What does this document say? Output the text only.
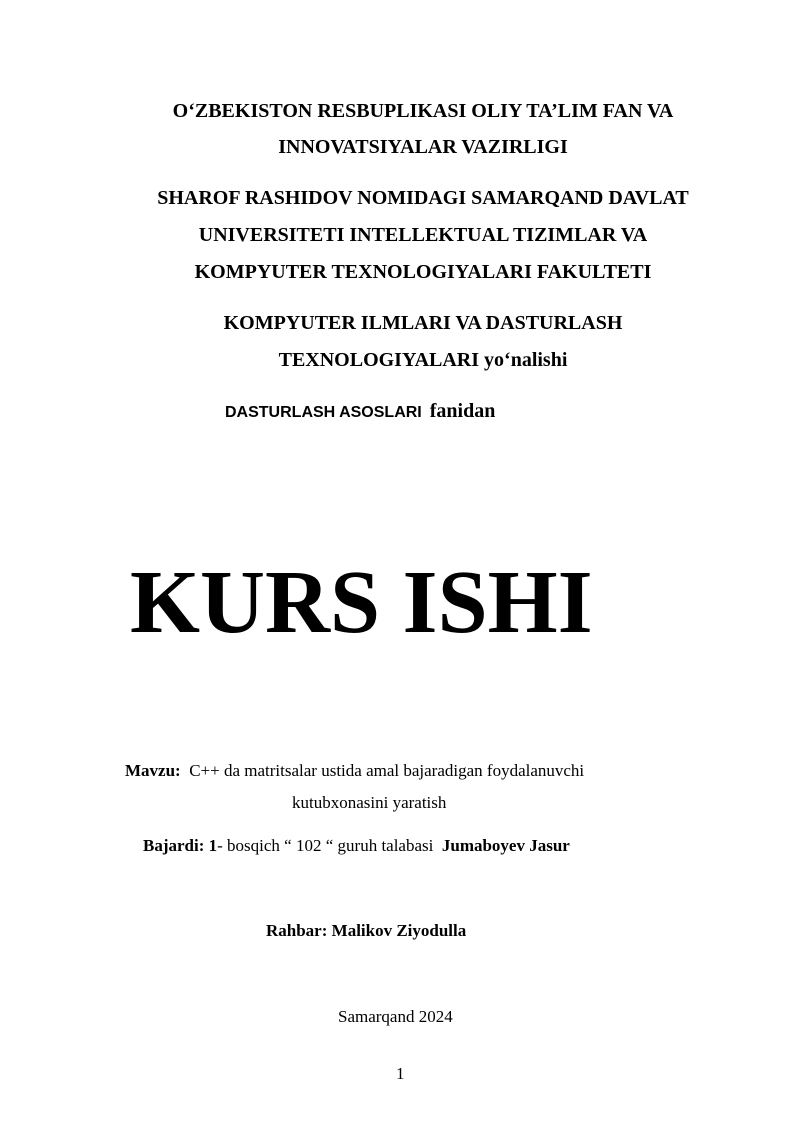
O‘ZBEKISTON RESBUPLIKASI OLIY TA’LIM FAN VA
INNOVATSIYALAR VAZIRLIGI
SHAROF RASHIDOV NOMIDAGI SAMARQAND DAVLAT
UNIVERSITETI INTELLEKTUAL TIZIMLAR VA
KOMPYUTER TEXNOLOGIYALARI FAKULTETI
KOMPYUTER ILMLARI VA DASTURLASH
TEXNOLOGIYALARI yo‘nalishi
DASTURLASH ASOSLARI fanidan
KURS ISHI
Mavzu: C++ da matritsalar ustida amal bajaradigan foydalanuvchi
kutubxonasini yaratish
Bajardi: 1- bosqich “ 102 “ guruh talabasi Jumaboyev Jasur
Rahbar: Malikov Ziyodulla
Samarqand 2024
1
